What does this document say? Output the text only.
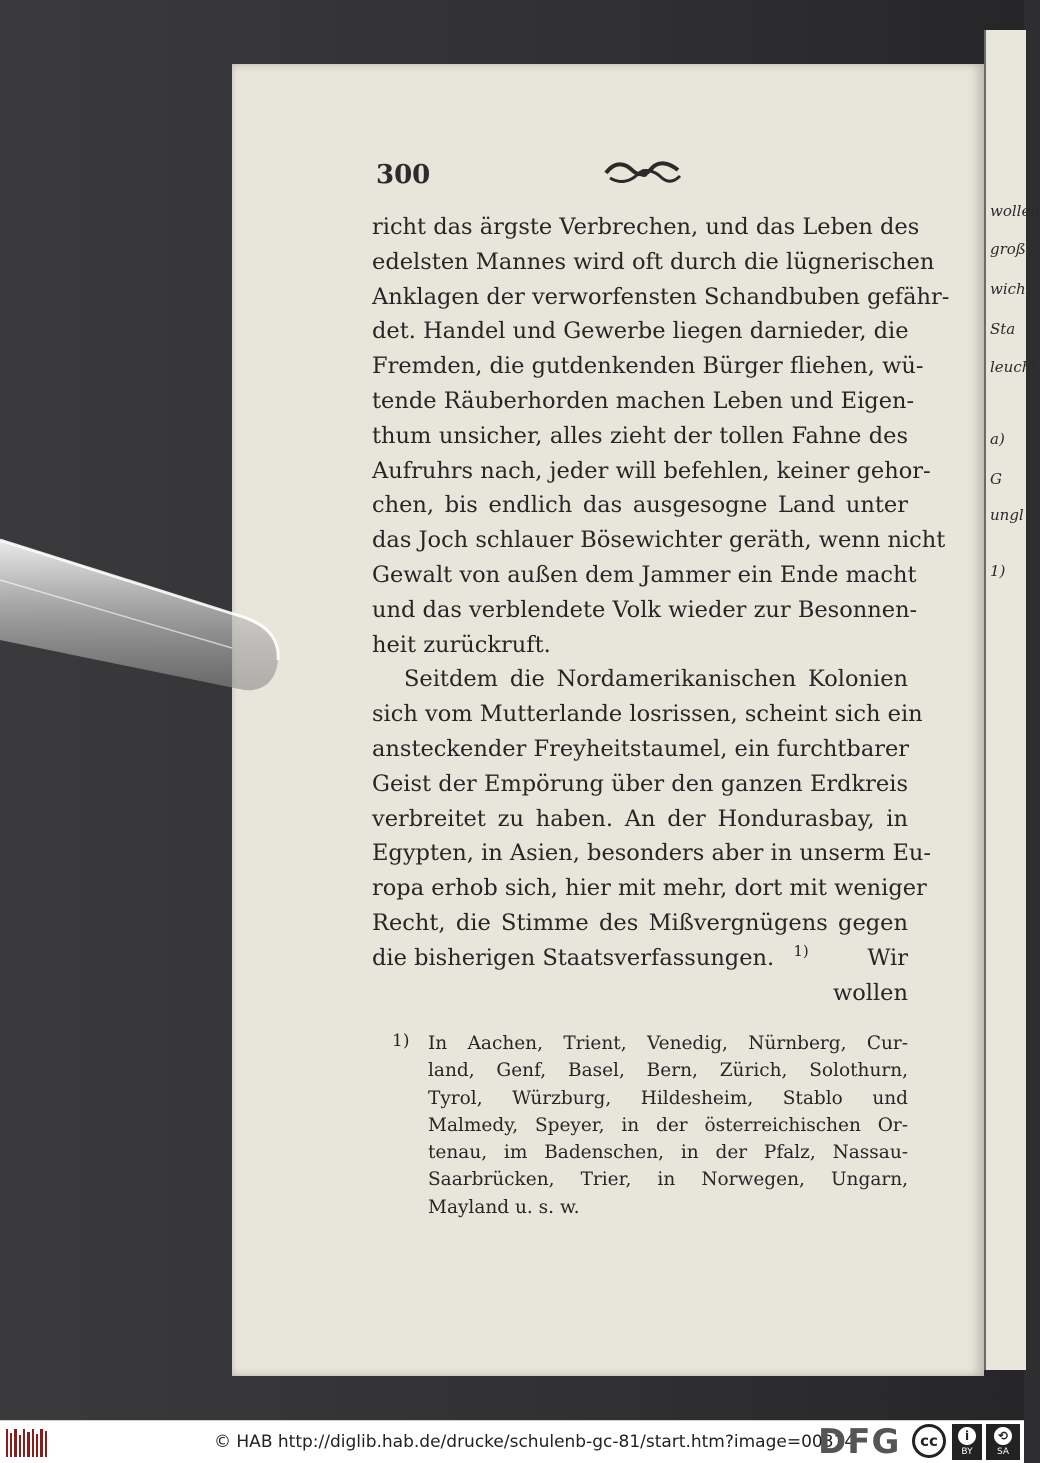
wollen
groß
wich
Sta
leucht
a)
G
ungl
1)
300
richt das ärgste Verbrechen, und das Leben des
edelsten Mannes wird oft durch die lügnerischen
Anklagen der verworfensten Schandbuben gefähr-
det. Handel und Gewerbe liegen darnieder, die
Fremden, die gutdenkenden Bürger fliehen, wü-
tende Räuberhorden machen Leben und Eigen-
thum unsicher, alles zieht der tollen Fahne des
Aufruhrs nach, jeder will befehlen, keiner gehor-
chen, bis endlich das ausgesogne Land unter
das Joch schlauer Bösewichter geräth, wenn nicht
Gewalt von außen dem Jammer ein Ende macht
und das verblendete Volk wieder zur Besonnen-
heit zurückruft.
Seitdem die Nordamerikanischen Kolonien
sich vom Mutterlande losrissen, scheint sich ein
ansteckender Freyheitstaumel, ein furchtbarer
Geist der Empörung über den ganzen Erdkreis
verbreitet zu haben. An der Hondurasbay, in
Egypten, in Asien, besonders aber in unserm Eu-
ropa erhob sich, hier mit mehr, dort mit weniger
Recht, die Stimme des Mißvergnügens gegen
die bisherigen Staatsverfassungen. $^{1)}$	Wir
wollen
1) In Aachen, Trient, Venedig, Nürnberg, Cur-
land, Genf, Basel, Bern, Zürich, Solothurn,
Tyrol, Würzburg, Hildesheim, Stablo und
Malmedy, Speyer, in der österreichischen Or-
tenau, im Badenschen, in der Pfalz, Nassau-
Saarbrücken, Trier, in Norwegen, Ungarn,
Mayland u. s. w.
© HAB http://diglib.hab.de/drucke/schulenb-gc-81/start.htm?image=00314
DFG	cc	i
BY
⟲
SA
